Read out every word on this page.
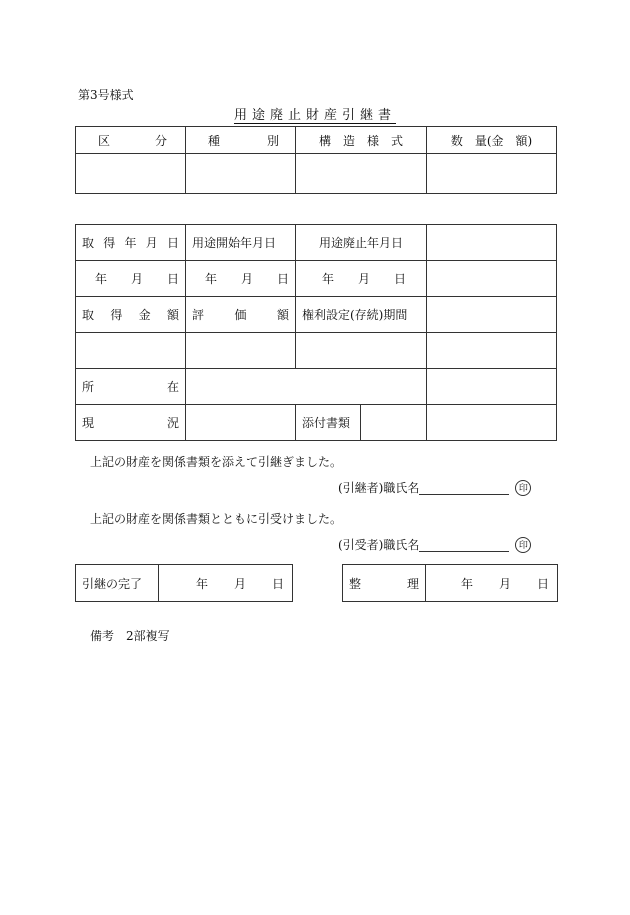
第3号様式
用途廃止財産引継書
区 分	種 別	構　造　様　式	数　量(金　額)

取 得 年 月 日	用途開始年月日	用途廃止年月日		

年 月 日	年 月 日	年 月 日		

取 得 金 額	評 価 額	権利設定(存続)期間		

所 在				

現 況		添付書類		
上記の財産を関係書類を添えて引継ぎました。
(引継者)職氏名	印
上記の財産を関係書類とともに引受けました。
(引受者)職氏名	印
引継の完了	年 月 日	整	理	年 月 日
備考　2部複写
